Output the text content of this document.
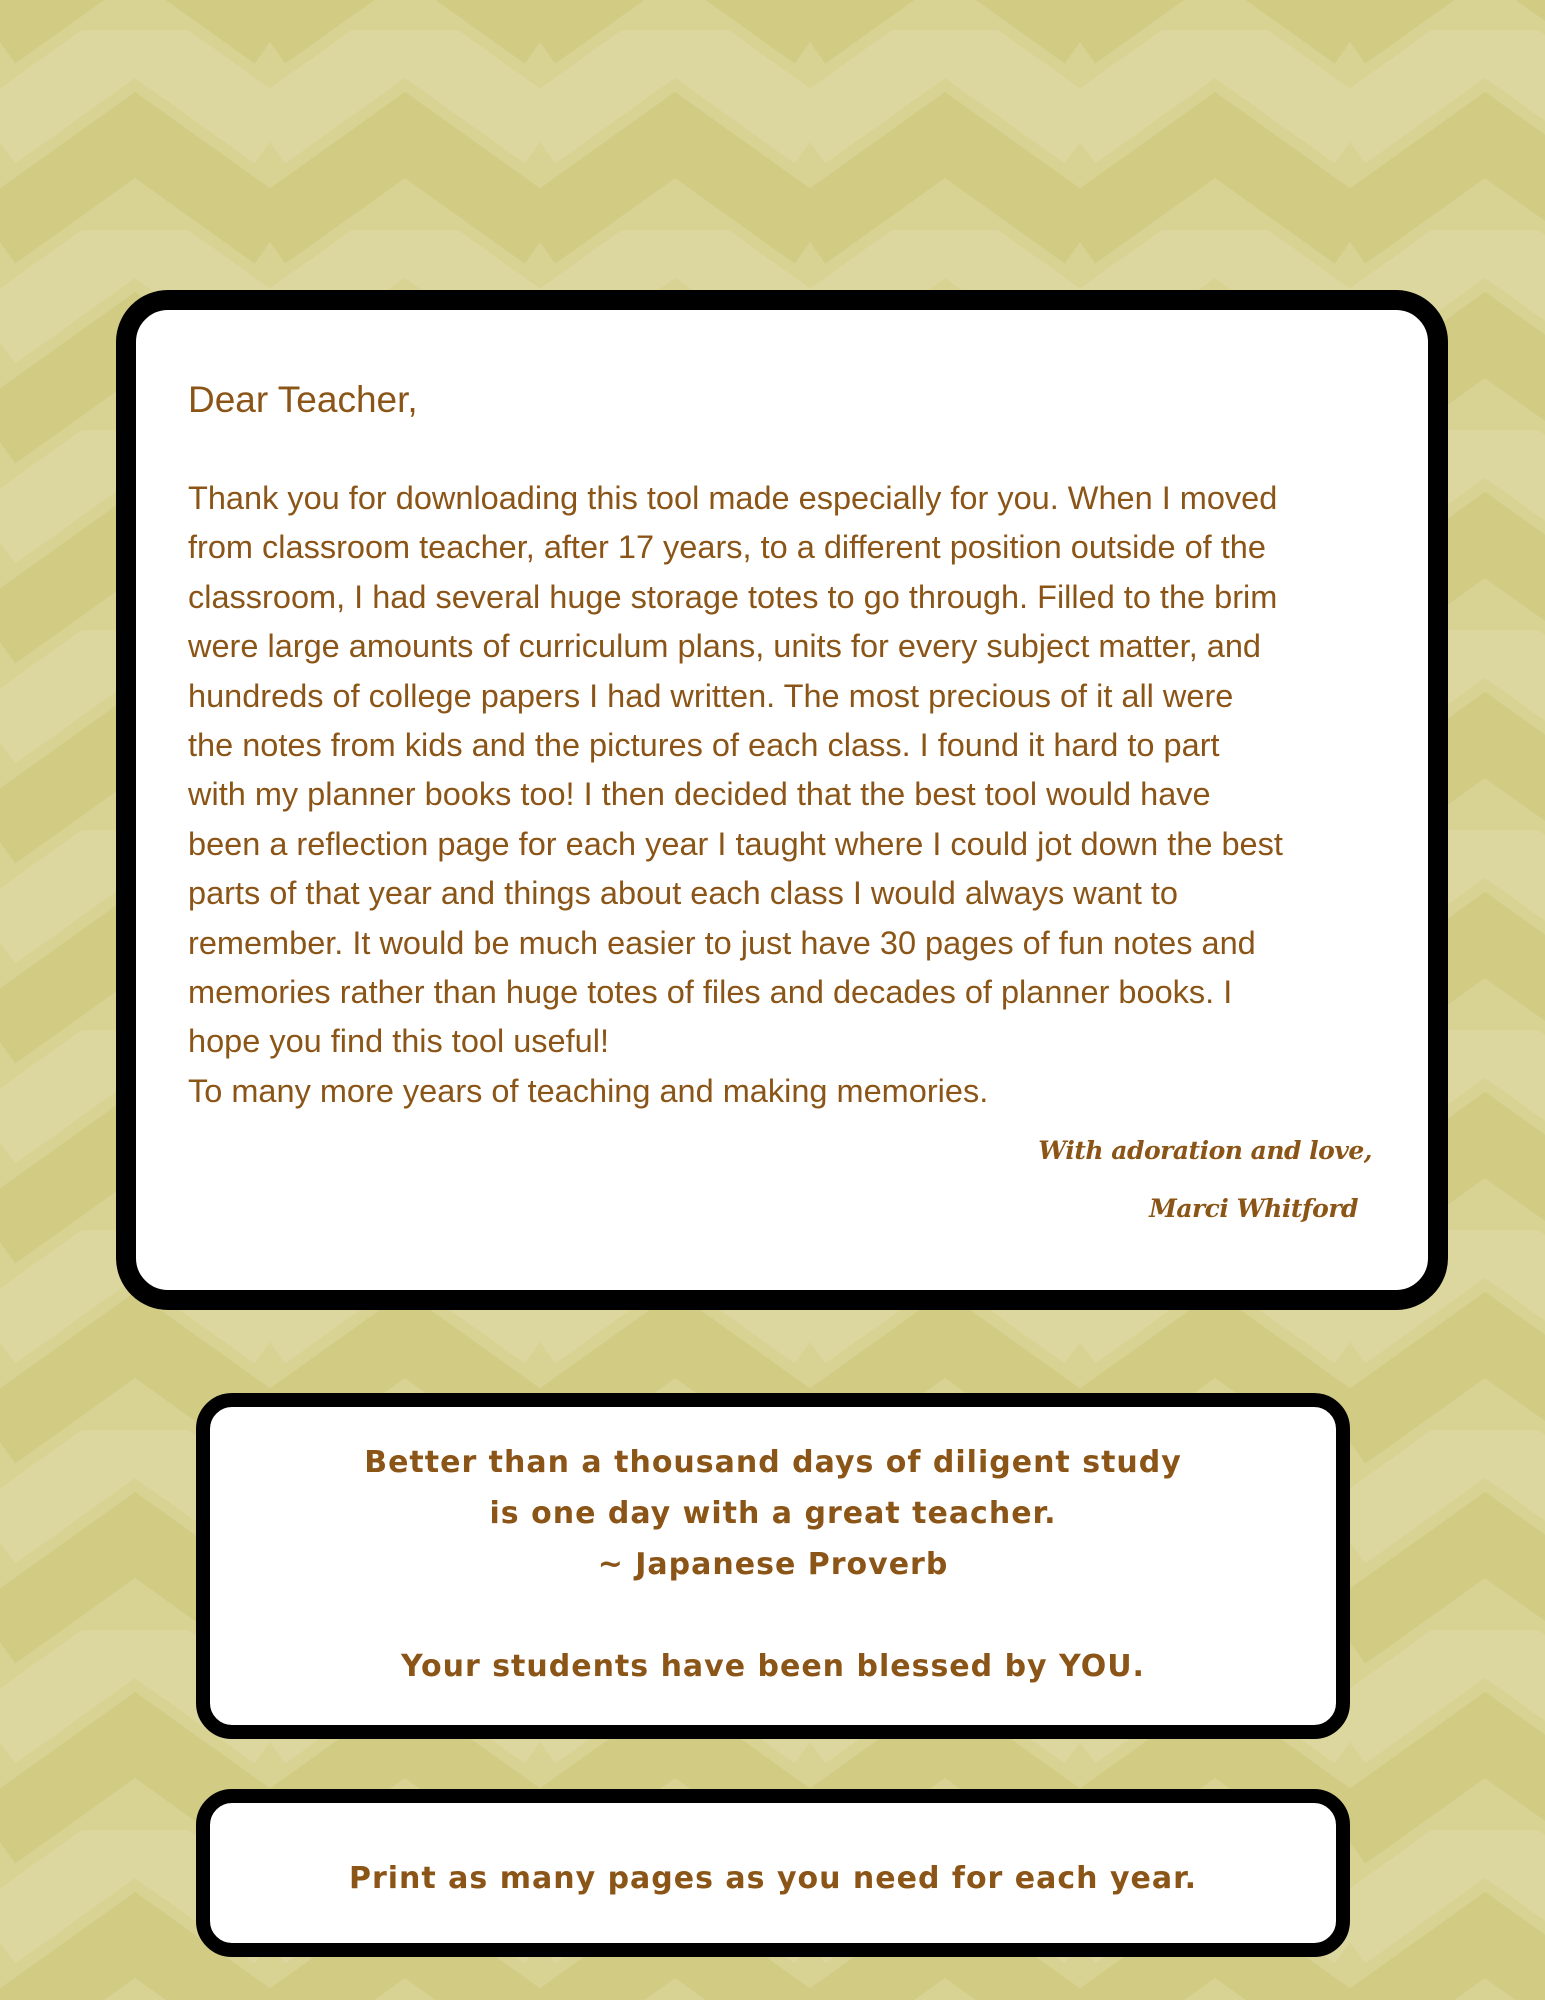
Dear Teacher,

Thank you for downloading this tool made especially for you. When I moved
from classroom teacher, after 17 years, to a different position outside of the
classroom, I had several huge storage totes to go through. Filled to the brim
were large amounts of curriculum plans, units for every subject matter, and
hundreds of college papers I had written. The most precious of it all were
the notes from kids and the pictures of each class. I found it hard to part
with my planner books too! I then decided that the best tool would have
been a reflection page for each year I taught where I could jot down the best
parts of that year and things about each class I would always want to
remember. It would be much easier to just have 30 pages of fun notes and
memories rather than huge totes of files and decades of planner books. I
hope you find this tool useful!
To many more years of teaching and making memories.

With adoration and love,
Marci Whitford

Better than a thousand days of diligent study

is one day with a great teacher.

~ Japanese Proverb

Your students have been blessed by YOU.

Print as many pages as you need for each year.
